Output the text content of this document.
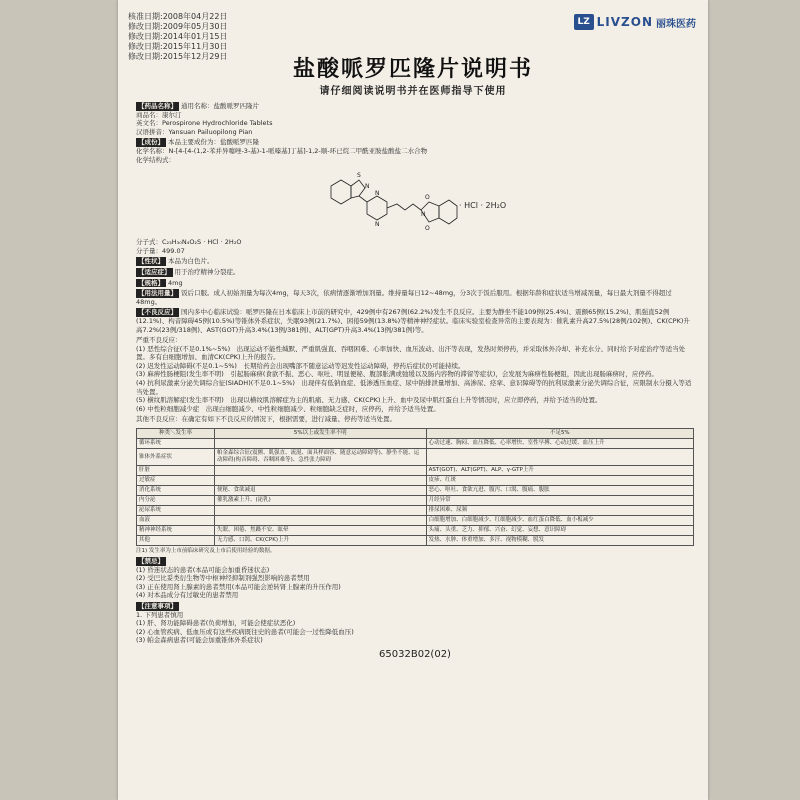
核准日期:2008年04月22日
修改日期:2009年05月30日
修改日期:2014年01月15日
修改日期:2015年11月30日
修改日期:2015年12月29日
LZ LIVZON 丽珠医药
盐酸哌罗匹隆片说明书
请仔细阅读说明书并在医师指导下使用
【药品名称】 通用名称：盐酸哌罗匹隆片
商品名：康尔汀
英文名：Perospirone Hydrochloride Tablets
汉语拼音：Yansuan Pailuopilong Pian
【成份】 本品主要成份为：盐酸哌罗匹隆
化学名称：N-[4-[4-(1,2-苯并异噻唑-3-基)-1-哌嗪基]丁基]-1,2-顺-环已烷二甲酰亚胺盐酸盐二水合物
化学结构式：
S
N
N
N
N
O
O
· HCl · 2H₂O
分子式：C₂₃H₃₀N₄O₂S · HCl · 2H₂O
分子量：499.07
【性状】 本品为白色片。
【适应症】 用于治疗精神分裂症。
【规格】 4mg
【用法用量】 饭后口服。成人初始剂量为每次4mg，每天3次，依病情逐渐增加剂量。维持量每日12~48mg，分3次于饭后服用。根据年龄和症状适当增减剂量，每日最大剂量不得超过48mg。
【不良反应】 国内多中心临床试验：哌罗匹隆在日本临床上市前的研究中，429例中有267例(62.2%)发生不良反应。主要为静坐不能109例(25.4%)、震颤65例(15.2%)、肌强直52例(12.1%)、构音障碍45例(10.5%)等锥体外系症状，失眠93例(21.7%)、困倦59例(13.8%)等精神神经症状。临床实验室检查异常的主要表现为：催乳素升高27.5%(28例/102例)、CK(CPK)升高7.2%(23例/318例)、AST(GOT)升高3.4%(13例/381例)、ALT(GPT)升高3.4%(13例/381例)等。
严重不良反应：
(1) 恶性综合征(不足0.1%~5%)　出现运动不能性缄默、严重肌强直、吞咽困难、心率加快、血压波动、出汗等表现，发热时须停药，并采取体外冷却、补充水分、同时给予对症治疗等适当处置。多有白细胞增加、血清CK(CPK)上升的报告。
(2) 迟发性运动障碍(不足0.1~5%)　长期给药会出现嘴部不随意运动等迟发性运动障碍，停药后症状仍可能持续。
(3) 麻痹性肠梗阻(发生率不明)　引起肠麻痹(食欲不振、恶心、呕吐、明显便秘、腹部胀满或弛缓以及肠内容物的滞留等症状)，会发展为麻痹性肠梗阻，因此出现肠麻痹时，应停药。
(4) 抗利尿激素分泌失调综合征(SIADH)(不足0.1~5%)　出现伴有低钠血症、低渗透压血症、尿中钠排泄量增加、高渗尿、痉挛、意识障碍等的抗利尿激素分泌失调综合征，应限制水分摄入等适当处置。
(5) 横纹肌溶解症(发生率不明)　出现以横纹肌溶解症为主的肌痛、无力感、CK(CPK)上升、血中及尿中肌红蛋白上升等情况时，应立即停药，并给予适当的处置。
(6) 中性粒细胞减少症　出现白细胞减少、中性粒细胞减少、粒细胞缺乏症时，应停药，并给予适当处置。
其他不良反应：在确定有如下不良反应的情况下，根据需要，进行减量、停药等适当处置。
种类＼发生率	5%以上或发生率不明	不足5%
循环系统		心动过速、胸闷、血压降低、心率增快、室性早搏、心动过缓、血压上升
锥体外系症状	帕金森综合征(震颤、肌强直、流涎、面具样面容、随意运动障碍等)、静坐不能、运动障碍(构音障碍、吞咽困难等)、急性张力障碍	
肝脏		AST(GOT)、ALT(GPT)、ALP、γ-GTP上升
过敏症		皮疹、红斑
消化系统	便秘、食欲减退	恶心、呕吐、食欲亢进、腹泻、口渴、腹痛、腹胀
内分泌	催乳激素上升、(泌乳)	月经异常
泌尿系统		排尿困难、尿频
血液		白细胞增加、白细胞减少、红细胞减少、血红蛋白降低、血小板减少
精神神经系统	失眠、困倦、焦躁不安、眩晕	头痛、头重、乏力、抑郁、兴奋、幻觉、妄想、意识障碍
其他	无力感、口渴、CK(CPK)上升	发热、水肿、体重增加、多汗、视物模糊、脱发
注1) 发生率为上市前临床研究及上市后使用经验的数据。
【禁忌】
(1) 昏迷状态的患者(本品可能会加重昏迷状态)
(2) 受巴比妥类衍生物等中枢神经抑制剂强烈影响的患者禁用
(3) 正在使用肾上腺素的患者禁用(本品可能会逆转肾上腺素的升压作用)
(4) 对本品成分有过敏史的患者禁用
【注意事项】
1. 下列患者慎用
(1) 肝、肾功能障碍患者(负荷增加，可能会使症状恶化)
(2) 心血管疾病、低血压或有这些疾病既往史的患者(可能会一过性降低血压)
(3) 帕金森病患者(可能会加重锥体外系症状)
65032B02(02)
